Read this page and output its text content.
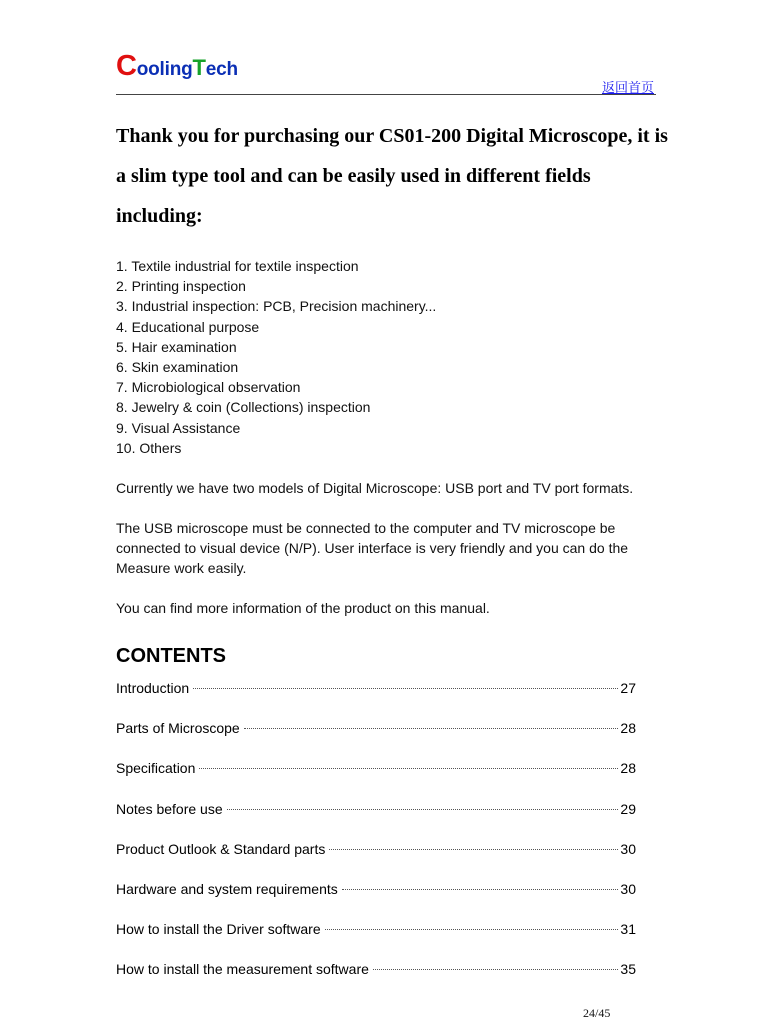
CoolingTech
返回首页

Thank you for purchasing our CS01-200 Digital Microscope, it is a slim type tool and can be easily used in different fields including:

1. Textile industrial for textile inspection
2. Printing inspection
3. Industrial inspection: PCB, Precision machinery...
4. Educational purpose
5. Hair examination
6. Skin examination
7. Microbiological observation
8. Jewelry & coin (Collections) inspection
9. Visual Assistance
10. Others

Currently we have two models of Digital Microscope: USB port and TV port formats.

The USB microscope must be connected to the computer and TV microscope be connected to visual device (N/P). User interface is very friendly and you can do the Measure work easily.

You can find more information of the product on this manual.

CONTENTS
Introduction	27
Parts of Microscope	28
Specification	28
Notes before use	29
Product Outlook & Standard parts	30
Hardware and system requirements	30
How to install the Driver software	31
How to install the measurement software	35
24/45
